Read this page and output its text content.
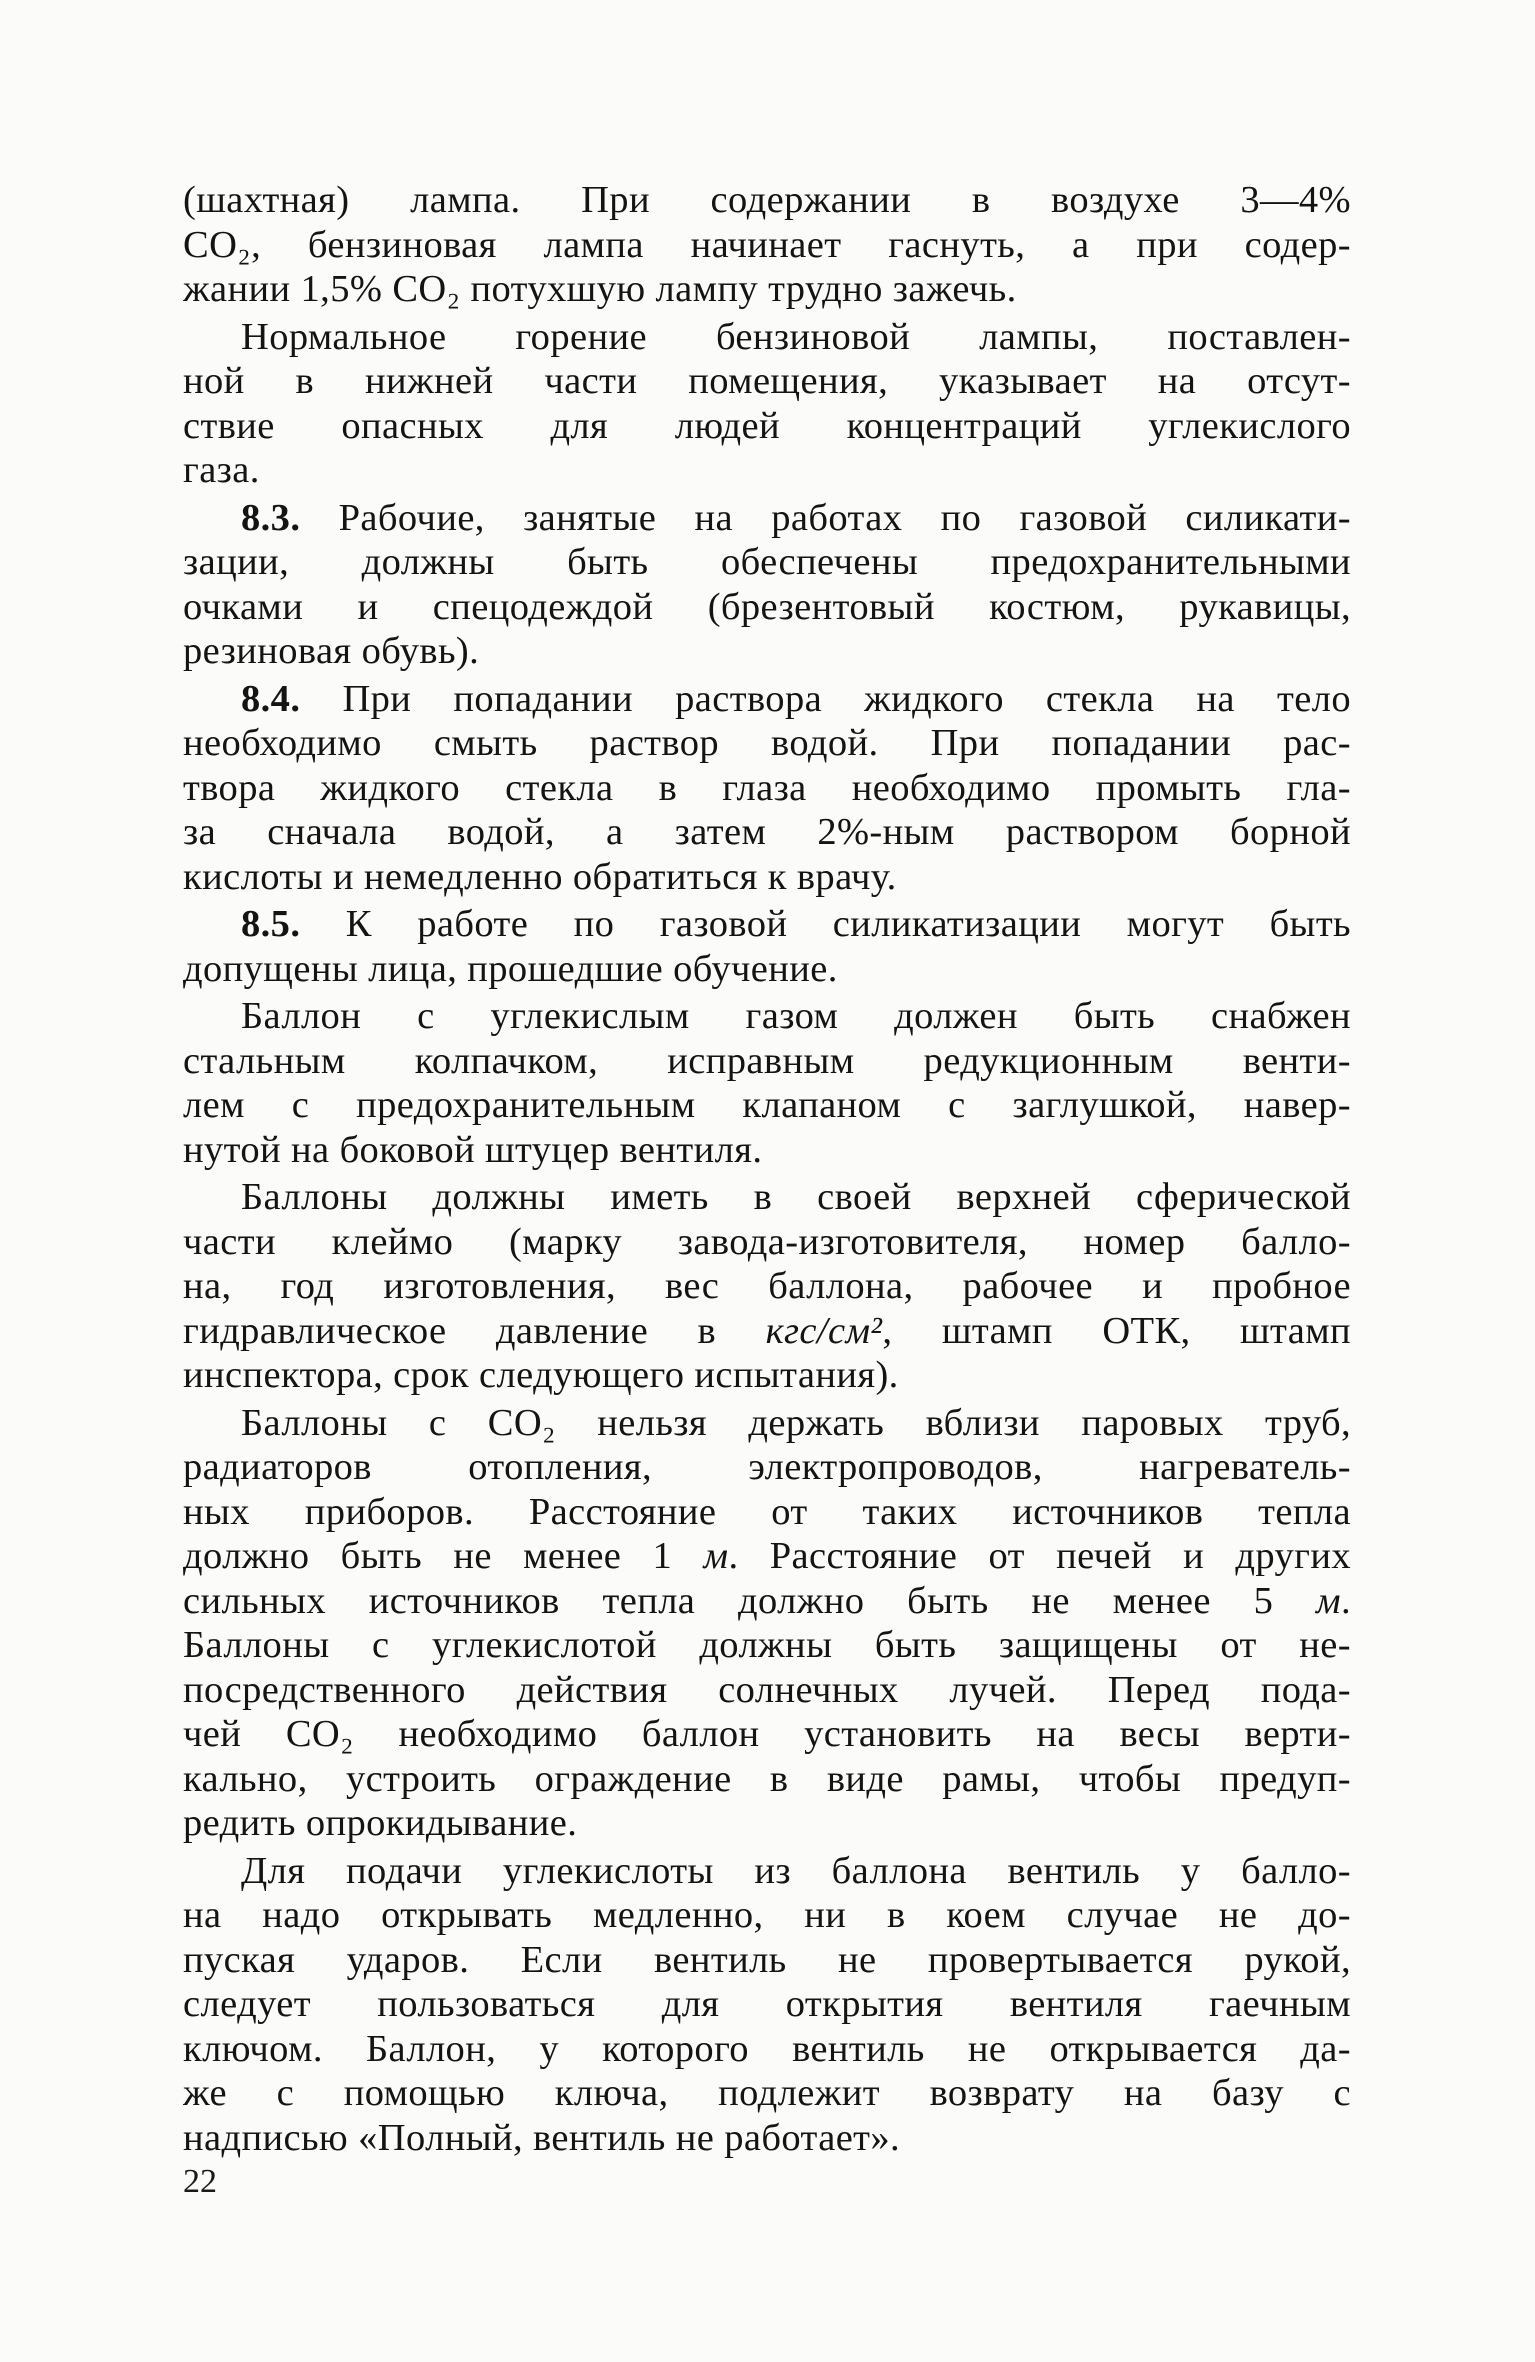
(шахтная) лампа. При содержании в воздухе 3—4%
CO₂, бензиновая лампа начинает гаснуть, а при содер-
жании 1,5% CO₂ потухшую лампу трудно зажечь.
Нормальное горение бензиновой лампы, поставлен-
ной в нижней части помещения, указывает на отсут-
ствие опасных для людей концентраций углекислого
газа.
8.3. Рабочие, занятые на работах по газовой силикати-
зации, должны быть обеспечены предохранительными
очками и спецодеждой (брезентовый костюм, рукавицы,
резиновая обувь).
8.4. При попадании раствора жидкого стекла на тело
необходимо смыть раствор водой. При попадании рас-
твора жидкого стекла в глаза необходимо промыть гла-
за сначала водой, а затем 2%-ным раствором борной
кислоты и немедленно обратиться к врачу.
8.5. К работе по газовой силикатизации могут быть
допущены лица, прошедшие обучение.
Баллон с углекислым газом должен быть снабжен
стальным колпачком, исправным редукционным венти-
лем с предохранительным клапаном с заглушкой, навер-
нутой на боковой штуцер вентиля.
Баллоны должны иметь в своей верхней сферической
части клеймо (марку завода-изготовителя, номер балло-
на, год изготовления, вес баллона, рабочее и пробное
гидравлическое давление в кгс/см², штамп ОТК, штамп
инспектора, срок следующего испытания).
Баллоны с CO₂ нельзя держать вблизи паровых труб,
радиаторов отопления, электропроводов, нагреватель-
ных приборов. Расстояние от таких источников тепла
должно быть не менее 1 м. Расстояние от печей и других
сильных источников тепла должно быть не менее 5 м.
Баллоны с углекислотой должны быть защищены от не-
посредственного действия солнечных лучей. Перед пода-
чей CO₂ необходимо баллон установить на весы верти-
кально, устроить ограждение в виде рамы, чтобы предуп-
редить опрокидывание.
Для подачи углекислоты из баллона вентиль у балло-
на надо открывать медленно, ни в коем случае не до-
пуская ударов. Если вентиль не провертывается рукой,
следует пользоваться для открытия вентиля гаечным
ключом. Баллон, у которого вентиль не открывается да-
же с помощью ключа, подлежит возврату на базу с
надписью «Полный, вентиль не работает».
22
